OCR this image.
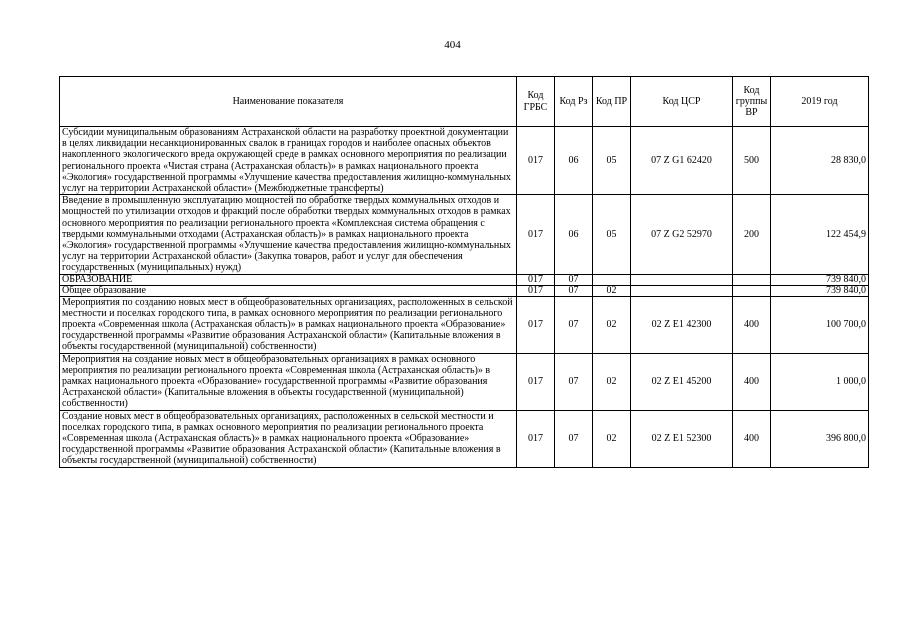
404
Наименование показателя	Код ГРБС	Код Рз	Код ПР	Код ЦСР	Код группы ВР	2019 год
Субсидии муниципальным образованиям Астраханской области на разработку проектной документации в целях ликвидации несанкционированных свалок в границах городов и наиболее опасных объектов накопленного экологического вреда окружающей среде в рамках основного мероприятия по реализации регионального проекта «Чистая страна (Астраханская область)» в рамках национального проекта «Экология» государственной программы «Улучшение качества предоставления жилищно-коммунальных услуг на территории Астраханской области» (Межбюджетные трансферты)	017	06	05	07 Z G1 62420	500	28 830,0
Введение в промышленную эксплуатацию мощностей по обработке твердых коммунальных отходов и мощностей по утилизации отходов и фракций после обработки твердых коммунальных отходов в рамках основного мероприятия по реализации регионального проекта «Комплексная система обращения с твердыми коммунальными отходами (Астраханская область)» в рамках национального проекта «Экология» государственной программы «Улучшение качества предоставления жилищно-коммунальных услуг на территории Астраханской области» (Закупка товаров, работ и услуг для обеспечения государственных (муниципальных) нужд)	017	06	05	07 Z G2 52970	200	122 454,9
ОБРАЗОВАНИЕ	017	07				739 840,0
Общее образование	017	07	02			739 840,0
Мероприятия по созданию новых мест в общеобразовательных организациях, расположенных в сельской местности и поселках городского типа, в рамках основного мероприятия по реализации регионального проекта «Современная школа (Астраханская область)» в рамках национального проекта «Образование» государственной программы «Развитие образования Астраханской области» (Капитальные вложения в объекты государственной (муниципальной) собственности)	017	07	02	02 Z E1 42300	400	100 700,0
Мероприятия на создание новых мест в общеобразовательных организациях в рамках основного мероприятия по реализации регионального проекта «Современная школа (Астраханская область)» в рамках национального проекта «Образование» государственной программы «Развитие образования Астраханской области» (Капитальные вложения в объекты государственной (муниципальной) собственности)	017	07	02	02 Z E1 45200	400	1 000,0
Создание новых мест в общеобразовательных организациях, расположенных в сельской местности и поселках городского типа, в рамках основного мероприятия по реализации регионального проекта «Современная школа (Астраханская область)» в рамках национального проекта «Образование» государственной программы «Развитие образования Астраханской области» (Капитальные вложения в объекты государственной (муниципальной) собственности)	017	07	02	02 Z E1 52300	400	396 800,0
